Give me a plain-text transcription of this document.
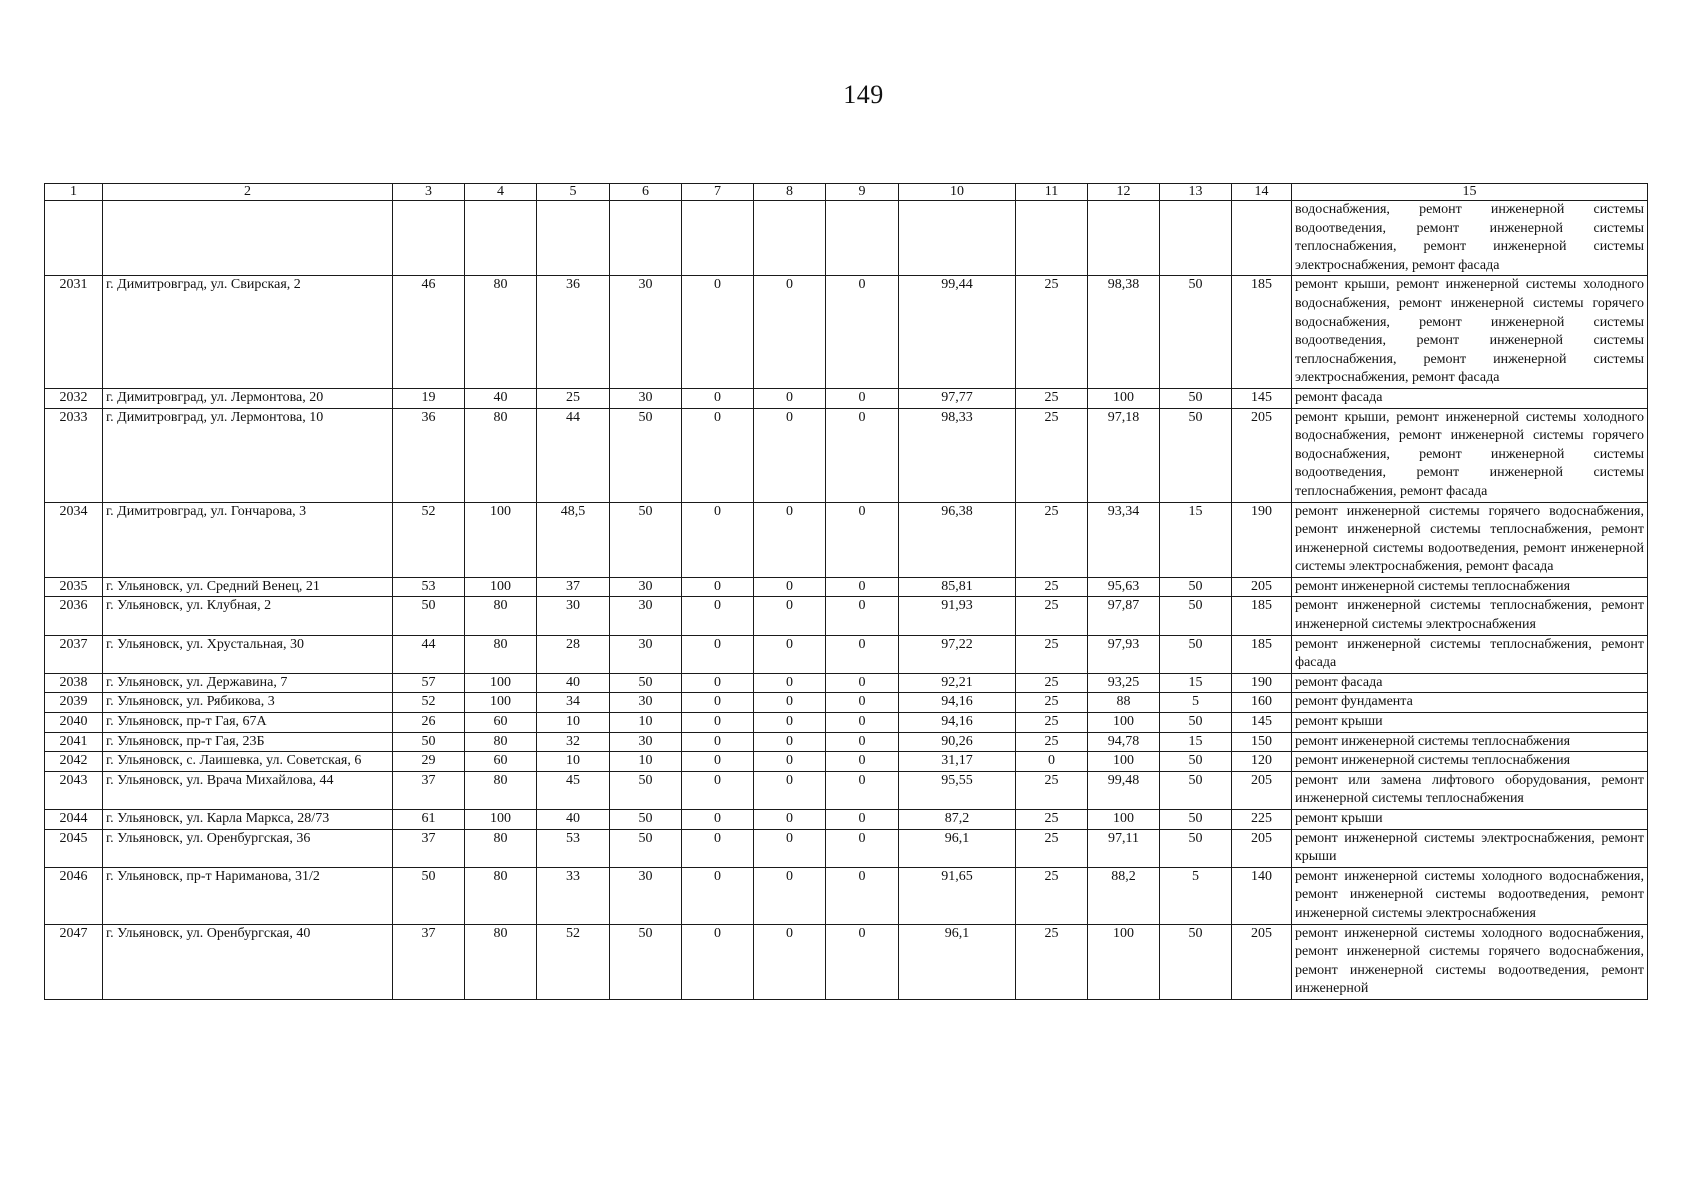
149
1	2	3	4	5	6	7	8	9	10	11	12	13	14	15
														водоснабжения, ремонт инженерной системы водоотведения, ремонт инженерной системы теплоснабжения, ремонт инженерной системы электроснабжения, ремонт фасада
2031	г. Димитровград, ул. Свирская, 2	46	80	36	30	0	0	0	99,44	25	98,38	50	185	ремонт крыши, ремонт инженерной системы холодного водоснабжения, ремонт инженерной системы горячего водоснабжения, ремонт инженерной системы водоотведения, ремонт инженерной системы теплоснабжения, ремонт инженерной системы электроснабжения, ремонт фасада
2032	г. Димитровград, ул. Лермонтова, 20	19	40	25	30	0	0	0	97,77	25	100	50	145	ремонт фасада
2033	г. Димитровград, ул. Лермонтова, 10	36	80	44	50	0	0	0	98,33	25	97,18	50	205	ремонт крыши, ремонт инженерной системы холодного водоснабжения, ремонт инженерной системы горячего водоснабжения, ремонт инженерной системы водоотведения, ремонт инженерной системы теплоснабжения, ремонт фасада
2034	г. Димитровград, ул. Гончарова, 3	52	100	48,5	50	0	0	0	96,38	25	93,34	15	190	ремонт инженерной системы горячего водоснабжения, ремонт инженерной системы теплоснабжения, ремонт инженерной системы водоотведения, ремонт инженерной системы электроснабжения, ремонт фасада
2035	г. Ульяновск, ул. Средний Венец, 21	53	100	37	30	0	0	0	85,81	25	95,63	50	205	ремонт инженерной системы теплоснабжения
2036	г. Ульяновск, ул. Клубная, 2	50	80	30	30	0	0	0	91,93	25	97,87	50	185	ремонт инженерной системы теплоснабжения, ремонт инженерной системы электроснабжения
2037	г. Ульяновск, ул. Хрустальная, 30	44	80	28	30	0	0	0	97,22	25	97,93	50	185	ремонт инженерной системы теплоснабжения, ремонт фасада
2038	г. Ульяновск, ул. Державина, 7	57	100	40	50	0	0	0	92,21	25	93,25	15	190	ремонт фасада
2039	г. Ульяновск, ул. Рябикова, 3	52	100	34	30	0	0	0	94,16	25	88	5	160	ремонт фундамента
2040	г. Ульяновск, пр-т Гая, 67А	26	60	10	10	0	0	0	94,16	25	100	50	145	ремонт крыши
2041	г. Ульяновск, пр-т Гая, 23Б	50	80	32	30	0	0	0	90,26	25	94,78	15	150	ремонт инженерной системы теплоснабжения
2042	г. Ульяновск, с. Лаишевка, ул. Советская, 6	29	60	10	10	0	0	0	31,17	0	100	50	120	ремонт инженерной системы теплоснабжения
2043	г. Ульяновск, ул. Врача Михайлова, 44	37	80	45	50	0	0	0	95,55	25	99,48	50	205	ремонт или замена лифтового оборудования, ремонт инженерной системы теплоснабжения
2044	г. Ульяновск, ул. Карла Маркса, 28/73	61	100	40	50	0	0	0	87,2	25	100	50	225	ремонт крыши
2045	г. Ульяновск, ул. Оренбургская, 36	37	80	53	50	0	0	0	96,1	25	97,11	50	205	ремонт инженерной системы электроснабжения, ремонт крыши
2046	г. Ульяновск, пр-т Нариманова, 31/2	50	80	33	30	0	0	0	91,65	25	88,2	5	140	ремонт инженерной системы холодного водоснабжения, ремонт инженерной системы водоотведения, ремонт инженерной системы электроснабжения
2047	г. Ульяновск, ул. Оренбургская, 40	37	80	52	50	0	0	0	96,1	25	100	50	205	ремонт инженерной системы холодного водоснабжения, ремонт инженерной системы горячего водоснабжения, ремонт инженерной системы водоотведения, ремонт инженерной
